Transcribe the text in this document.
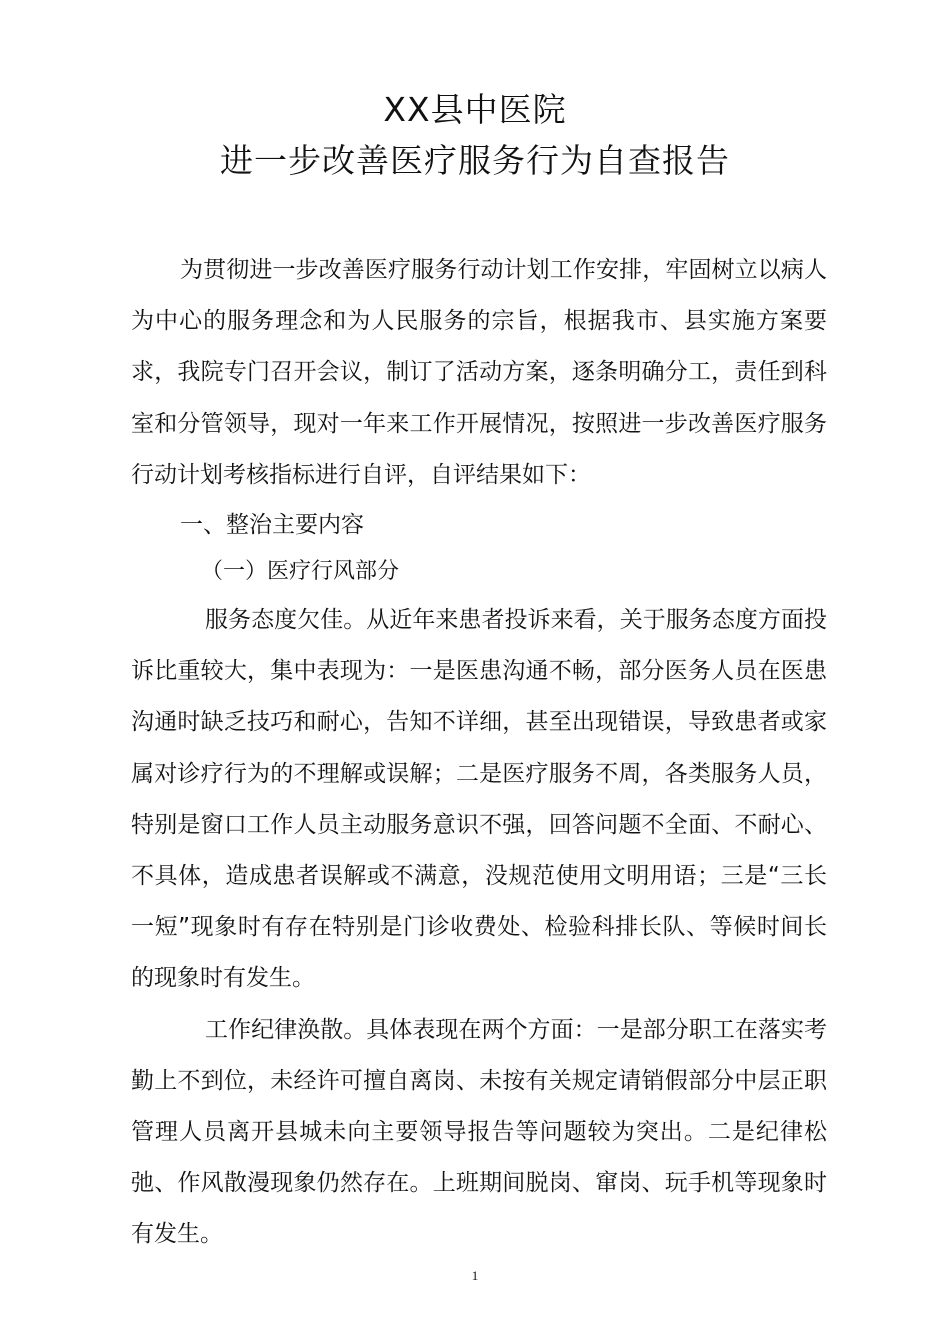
XX县中医院
进一步改善医疗服务行为自查报告

为贯彻进一步改善医疗服务行动计划工作安排，牢固树立以病人为中心的服务理念和为人民服务的宗旨，根据我市、县实施方案要求，我院专门召开会议，制订了活动方案，逐条明确分工，责任到科室和分管领导，现对一年来工作开展情况，按照进一步改善医疗服务行动计划考核指标进行自评，自评结果如下：

一、整治主要内容

（一）医疗行风部分

服务态度欠佳。从近年来患者投诉来看，关于服务态度方面投诉比重较大，集中表现为：一是医患沟通不畅，部分医务人员在医患沟通时缺乏技巧和耐心，告知不详细，甚至出现错误，导致患者或家属对诊疗行为的不理解或误解；二是医疗服务不周，各类服务人员，特别是窗口工作人员主动服务意识不强，回答问题不全面、不耐心、不具体，造成患者误解或不满意，没规范使用文明用语；三是“三长一短”现象时有存在特别是门诊收费处、检验科排长队、等候时间长的现象时有发生。

工作纪律涣散。具体表现在两个方面：一是部分职工在落实考勤上不到位，未经许可擅自离岗、未按有关规定请销假部分中层正职管理人员离开县城未向主要领导报告等问题较为突出。二是纪律松弛、作风散漫现象仍然存在。上班期间脱岗、窜岗、玩手机等现象时有发生。

1
